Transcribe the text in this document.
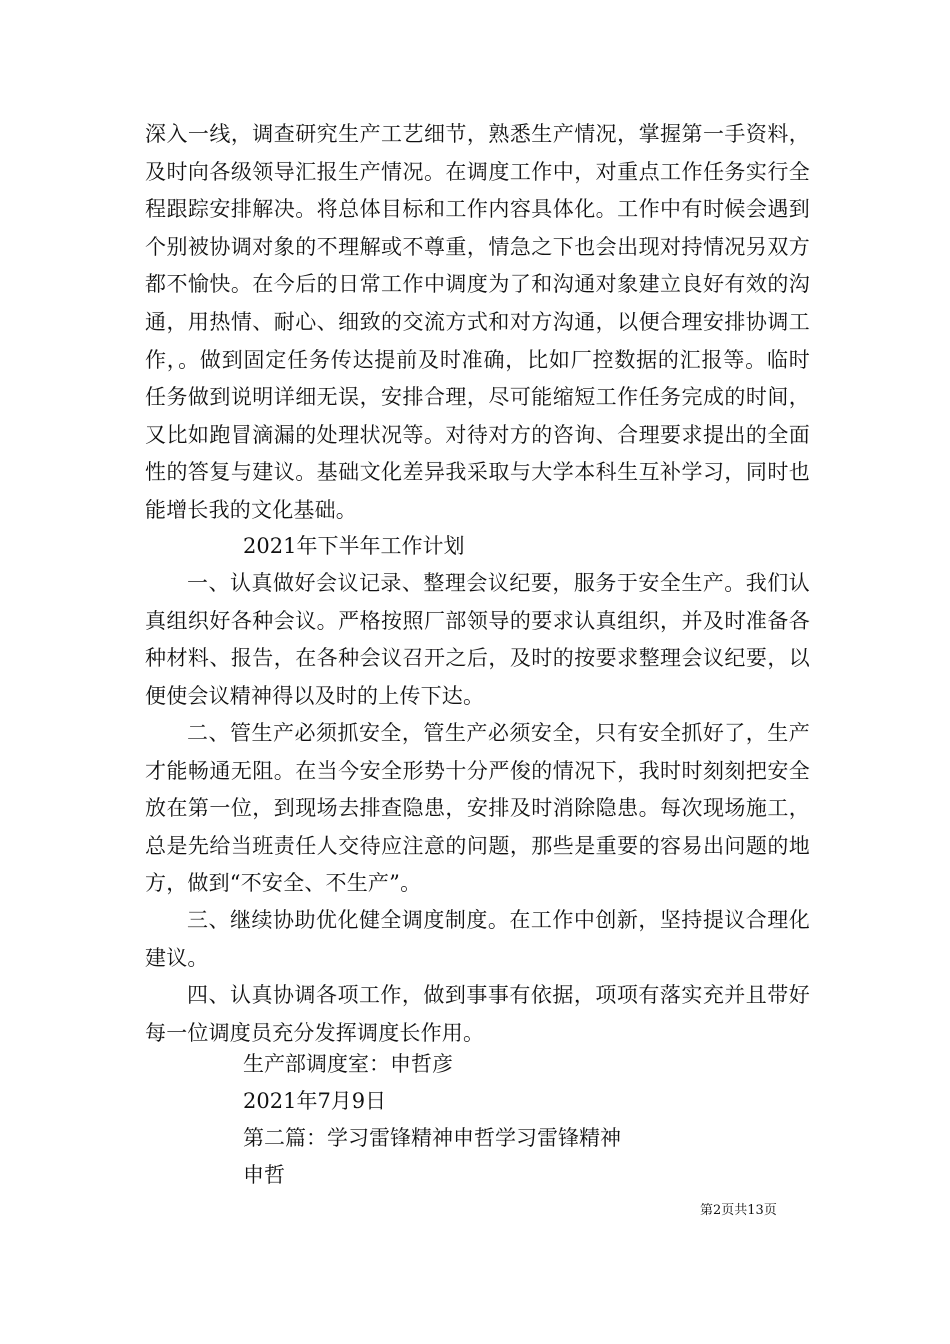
深入一线，调查研究生产工艺细节，熟悉生产情况，掌握第一手资料，及时向各级领导汇报生产情况。在调度工作中，对重点工作任务实行全程跟踪安排解决。将总体目标和工作内容具体化。工作中有时候会遇到个别被协调对象的不理解或不尊重，情急之下也会出现对持情况另双方都不愉快。在今后的日常工作中调度为了和沟通对象建立良好有效的沟通，用热情、耐心、细致的交流方式和对方沟通，以便合理安排协调工作，。做到固定任务传达提前及时准确，比如厂控数据的汇报等。临时任务做到说明详细无误，安排合理，尽可能缩短工作任务完成的时间，又比如跑冒滴漏的处理状况等。对待对方的咨询、合理要求提出的全面性的答复与建议。基础文化差异我采取与大学本科生互补学习，同时也能增长我的文化基础。
2021年下半年工作计划
一、认真做好会议记录、整理会议纪要，服务于安全生产。我们认真组织好各种会议。严格按照厂部领导的要求认真组织，并及时准备各种材料、报告，在各种会议召开之后，及时的按要求整理会议纪要，以便使会议精神得以及时的上传下达。
二、管生产必须抓安全，管生产必须安全，只有安全抓好了，生产才能畅通无阻。在当今安全形势十分严俊的情况下，我时时刻刻把安全放在第一位，到现场去排查隐患，安排及时消除隐患。每次现场施工，总是先给当班责任人交待应注意的问题，那些是重要的容易出问题的地方，做到“不安全、不生产”。
三、继续协助优化健全调度制度。在工作中创新，坚持提议合理化建议。
四、认真协调各项工作，做到事事有依据，项项有落实充并且带好每一位调度员充分发挥调度长作用。
生产部调度室：申哲彦
2021年7月9日
第二篇：学习雷锋精神申哲学习雷锋精神
申哲
第2页共13页
